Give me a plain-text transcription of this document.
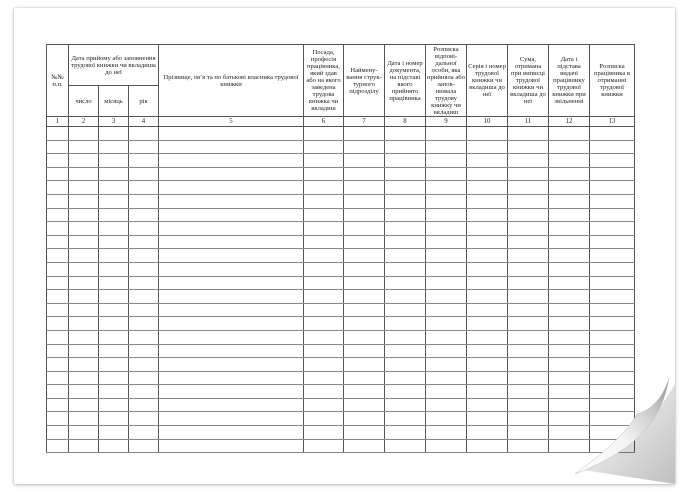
№№ п.п.	Дата прийому або заповнення трудової книжки чи вкладиша до неї			Прізвище, ім’я та по батькові власника трудової книжки	Посада, професія працівника, який здав або на якого заведена трудова книжка чи вкладиш	Наймену- вання струк- турного підрозділу	Дата і номер документа, на підставі якого прийнято працівника	Розписка відпові- дальної особи, яка прийняла або запов- нювала трудову книжку чи вкладиш	Серія і номер трудової книжки чи вкладиша до неї	Сума, отримана при виписці трудової книжки чи вкладиша до неї	Дата і підстава видачі працівнику трудової книжки при звільненні	Розписка працівника в отриманні трудової книжки
	число	місяць	рік									
1	2	3	4	5	6	7	8	9	10	11	12	13
